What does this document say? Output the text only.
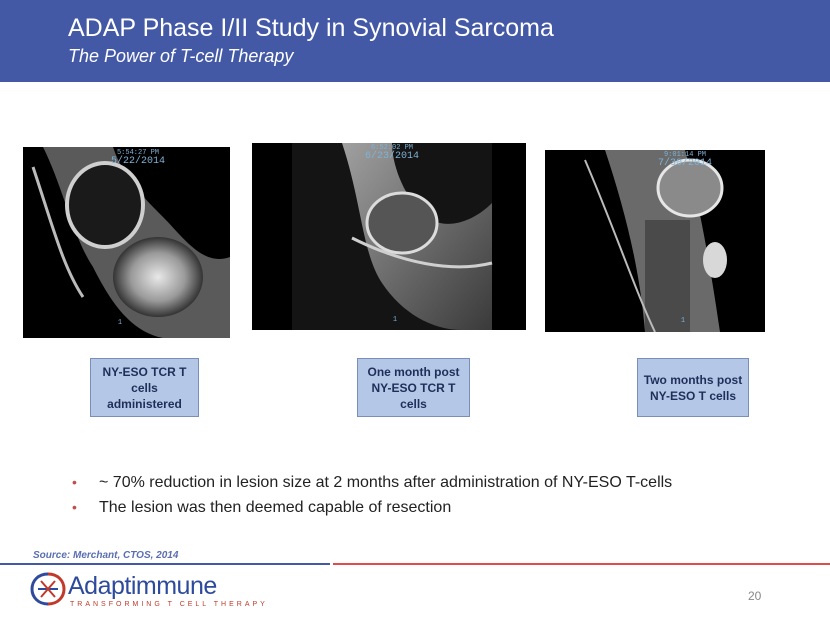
ADAP Phase I/II Study in Synovial Sarcoma
The Power of T-cell Therapy
5:54:27 PM
5/22/2014
1
6:52:02 PM
6/23/2014
1
9:01:14 PM
7/30/2014
1
NY-ESO TCR T cells administered
One month post NY-ESO TCR T cells
Two months post NY-ESO T cells
• ~ 70% reduction in lesion size at 2 months after administration of NY-ESO T-cells
• The lesion was then deemed capable of resection
Source: Merchant, CTOS, 2014
Adaptimmune
TRANSFORMING T CELL THERAPY
20
